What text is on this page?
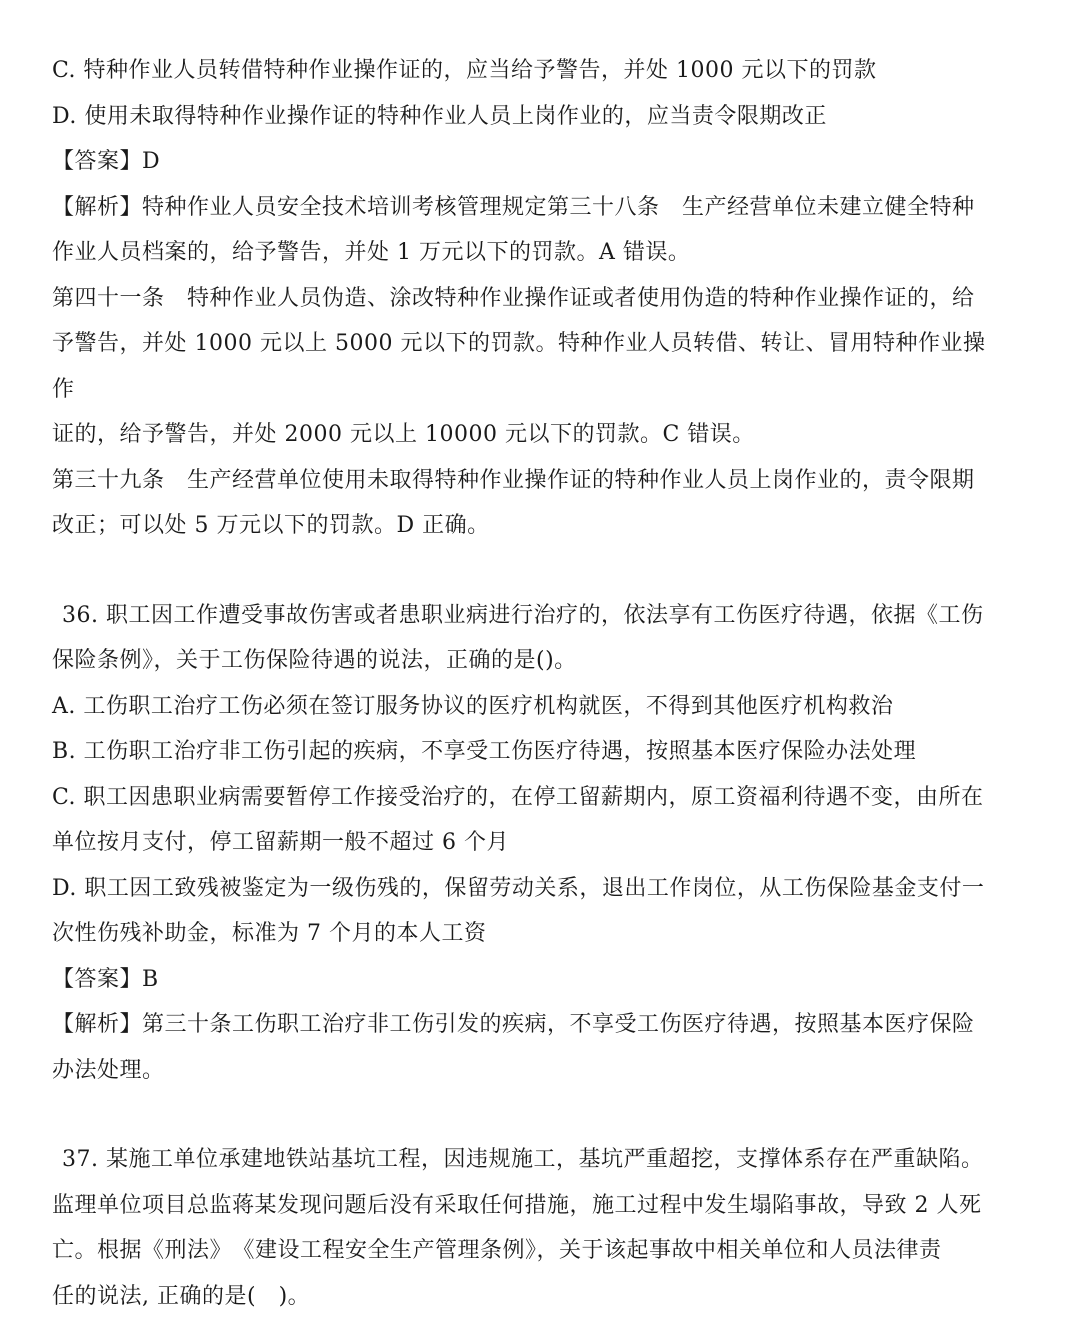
C. 特种作业人员转借特种作业操作证的，应当给予警告，并处 1000 元以下的罚款

D. 使用未取得特种作业操作证的特种作业人员上岗作业的，应当责令限期改正

【答案】D

【解析】特种作业人员安全技术培训考核管理规定第三十八条　生产经营单位未建立健全特种

作业人员档案的，给予警告，并处 1 万元以下的罚款。A 错误。

第四十一条　特种作业人员伪造、涂改特种作业操作证或者使用伪造的特种作业操作证的，给

予警告，并处 1000 元以上 5000 元以下的罚款。特种作业人员转借、转让、冒用特种作业操作

证的，给予警告，并处 2000 元以上 10000 元以下的罚款。C 错误。

第三十九条　生产经营单位使用未取得特种作业操作证的特种作业人员上岗作业的，责令限期

改正；可以处 5 万元以下的罚款。D 正确。

36. 职工因工作遭受事故伤害或者患职业病进行治疗的，依法享有工伤医疗待遇，依据《工伤

保险条例》，关于工伤保险待遇的说法，正确的是()。

A. 工伤职工治疗工伤必须在签订服务协议的医疗机构就医，不得到其他医疗机构救治

B. 工伤职工治疗非工伤引起的疾病，不享受工伤医疗待遇，按照基本医疗保险办法处理

C. 职工因患职业病需要暂停工作接受治疗的，在停工留薪期内，原工资福利待遇不变，由所在

单位按月支付，停工留薪期一般不超过 6 个月

D. 职工因工致残被鉴定为一级伤残的，保留劳动关系，退出工作岗位，从工伤保险基金支付一

次性伤残补助金，标准为 7 个月的本人工资

【答案】B

【解析】第三十条工伤职工治疗非工伤引发的疾病，不享受工伤医疗待遇，按照基本医疗保险

办法处理。

37. 某施工单位承建地铁站基坑工程，因违规施工，基坑严重超挖，支撑体系存在严重缺陷。

监理单位项目总监蒋某发现问题后没有采取任何措施，施工过程中发生塌陷事故，导致 2 人死

亡。根据《刑法》　《建设工程安全生产管理条例》，关于该起事故中相关单位和人员法律责

任的说法, 正确的是(　)。
